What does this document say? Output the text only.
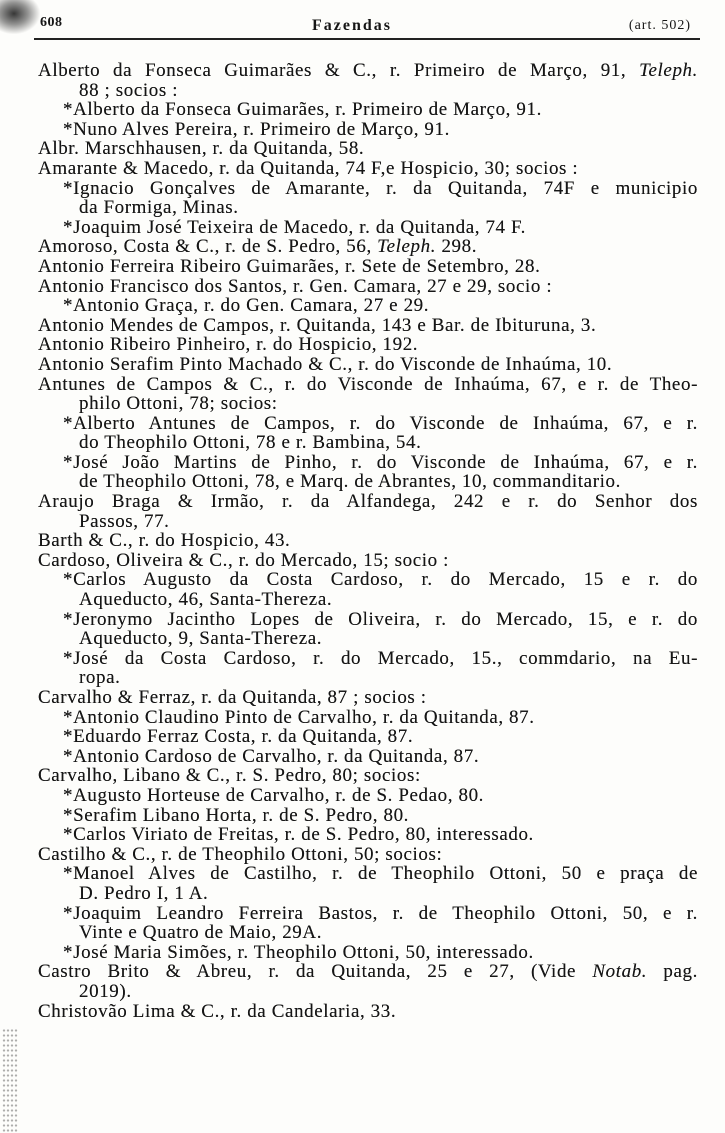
608	Fazendas	(art. 502)
Alberto da Fonseca Guimarães & C., r. Primeiro de Março, 91, Teleph.
88 ; socios :
*Alberto da Fonseca Guimarães, r. Primeiro de Março, 91.
*Nuno Alves Pereira, r. Primeiro de Março, 91.
Albr. Marschhausen, r. da Quitanda, 58.
Amarante & Macedo, r. da Quitanda, 74 F,e Hospicio, 30; socios :
*Ignacio Gonçalves de Amarante, r. da Quitanda, 74F e municipio
da Formiga, Minas.
*Joaquim José Teixeira de Macedo, r. da Quitanda, 74 F.
Amoroso, Costa & C., r. de S. Pedro, 56, Teleph. 298.
Antonio Ferreira Ribeiro Guimarães, r. Sete de Setembro, 28.
Antonio Francisco dos Santos, r. Gen. Camara, 27 e 29, socio :
*Antonio Graça, r. do Gen. Camara, 27 e 29.
Antonio Mendes de Campos, r. Quitanda, 143 e Bar. de Ibituruna, 3.
Antonio Ribeiro Pinheiro, r. do Hospicio, 192.
Antonio Serafim Pinto Machado & C., r. do Visconde de Inhaúma, 10.
Antunes de Campos & C., r. do Visconde de Inhaúma, 67, e r. de Theo-
philo Ottoni, 78; socios:
*Alberto Antunes de Campos, r. do Visconde de Inhaúma, 67, e r.
do Theophilo Ottoni, 78 e r. Bambina, 54.
*José João Martins de Pinho, r. do Visconde de Inhaúma, 67, e r.
de Theophilo Ottoni, 78, e Marq. de Abrantes, 10, commanditario.
Araujo Braga & Irmão, r. da Alfandega, 242 e r. do Senhor dos
Passos, 77.
Barth & C., r. do Hospicio, 43.
Cardoso, Oliveira & C., r. do Mercado, 15; socio :
*Carlos Augusto da Costa Cardoso, r. do Mercado, 15 e r. do
Aqueducto, 46, Santa-Thereza.
*Jeronymo Jacintho Lopes de Oliveira, r. do Mercado, 15, e r. do
Aqueducto, 9, Santa-Thereza.
*José da Costa Cardoso, r. do Mercado, 15., commdario, na Eu-
ropa.
Carvalho & Ferraz, r. da Quitanda, 87 ; socios :
*Antonio Claudino Pinto de Carvalho, r. da Quitanda, 87.
*Eduardo Ferraz Costa, r. da Quitanda, 87.
*Antonio Cardoso de Carvalho, r. da Quitanda, 87.
Carvalho, Libano & C., r. S. Pedro, 80; socios:
*Augusto Horteuse de Carvalho, r. de S. Pedao, 80.
*Serafim Libano Horta, r. de S. Pedro, 80.
*Carlos Viriato de Freitas, r. de S. Pedro, 80, interessado.
Castilho & C., r. de Theophilo Ottoni, 50; socios:
*Manoel Alves de Castilho, r. de Theophilo Ottoni, 50 e praça de
D. Pedro I, 1 A.
*Joaquim Leandro Ferreira Bastos, r. de Theophilo Ottoni, 50, e r.
Vinte e Quatro de Maio, 29A.
*José Maria Simões, r. Theophilo Ottoni, 50, interessado.
Castro Brito & Abreu, r. da Quitanda, 25 e 27, (Vide Notab. pag.
2019).
Christovão Lima & C., r. da Candelaria, 33.
